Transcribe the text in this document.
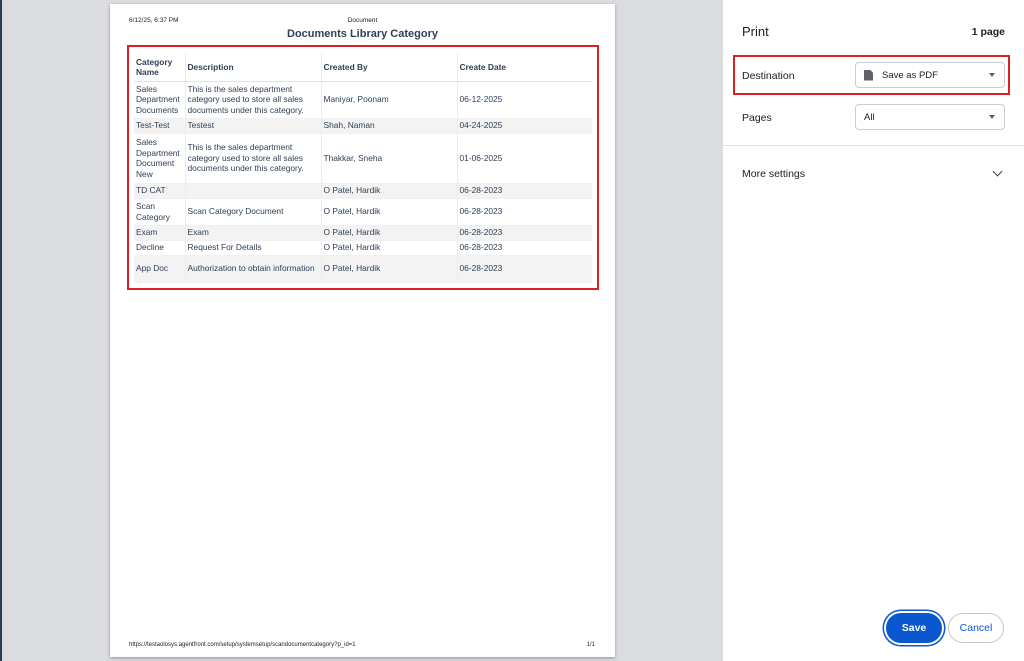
6/12/25, 6:37 PM	Document
Documents Library Category
Category Name	Description	Created By	Create Date
Sales Department Documents	This is the sales department category used to store all sales documents under this category.	Maniyar, Poonam	06-12-2025
Test-Test	Testest	Shah, Naman	04-24-2025
Sales Department Document New	This is the sales department category used to store all sales documents under this category.	Thakkar, Sneha	01-06-2025
TD CAT		O Patel, Hardik	06-28-2023
Scan Category	Scan Category Document	O Patel, Hardik	06-28-2023
Exam	Exam	O Patel, Hardik	06-28-2023
Decline	Request For Details	O Patel, Hardik	06-28-2023
App Doc	Authorization to obtain information	O Patel, Hardik	06-28-2023
https://testaolosys.agentfront.com/setup/systemsetup/scandocumentcategory?p_id=1	1/1
Print	1 page
Destination	Save as PDF
Pages	All
More settings
Save	Cancel
